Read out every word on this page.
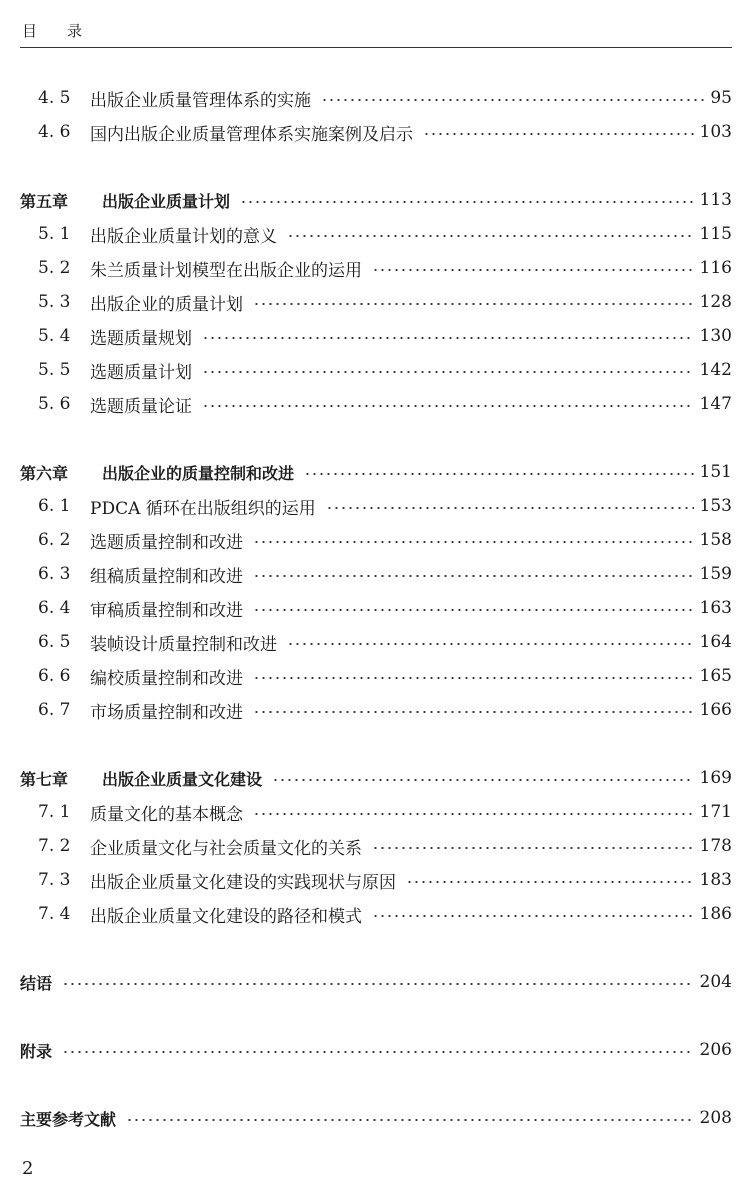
目录
4. 5	出版企业质量管理体系的实施	95
4. 6	国内出版企业质量管理体系实施案例及启示	103
第五章	出版企业质量计划	113
5. 1	出版企业质量计划的意义	115
5. 2	朱兰质量计划模型在出版企业的运用	116
5. 3	出版企业的质量计划	128
5. 4	选题质量规划	130
5. 5	选题质量计划	142
5. 6	选题质量论证	147
第六章	出版企业的质量控制和改进	151
6. 1	PDCA 循环在出版组织的运用	153
6. 2	选题质量控制和改进	158
6. 3	组稿质量控制和改进	159
6. 4	审稿质量控制和改进	163
6. 5	装帧设计质量控制和改进	164
6. 6	编校质量控制和改进	165
6. 7	市场质量控制和改进	166
第七章	出版企业质量文化建设	169
7. 1	质量文化的基本概念	171
7. 2	企业质量文化与社会质量文化的关系	178
7. 3	出版企业质量文化建设的实践现状与原因	183
7. 4	出版企业质量文化建设的路径和模式	186
结语	204
附录	206
主要参考文献	208
2
